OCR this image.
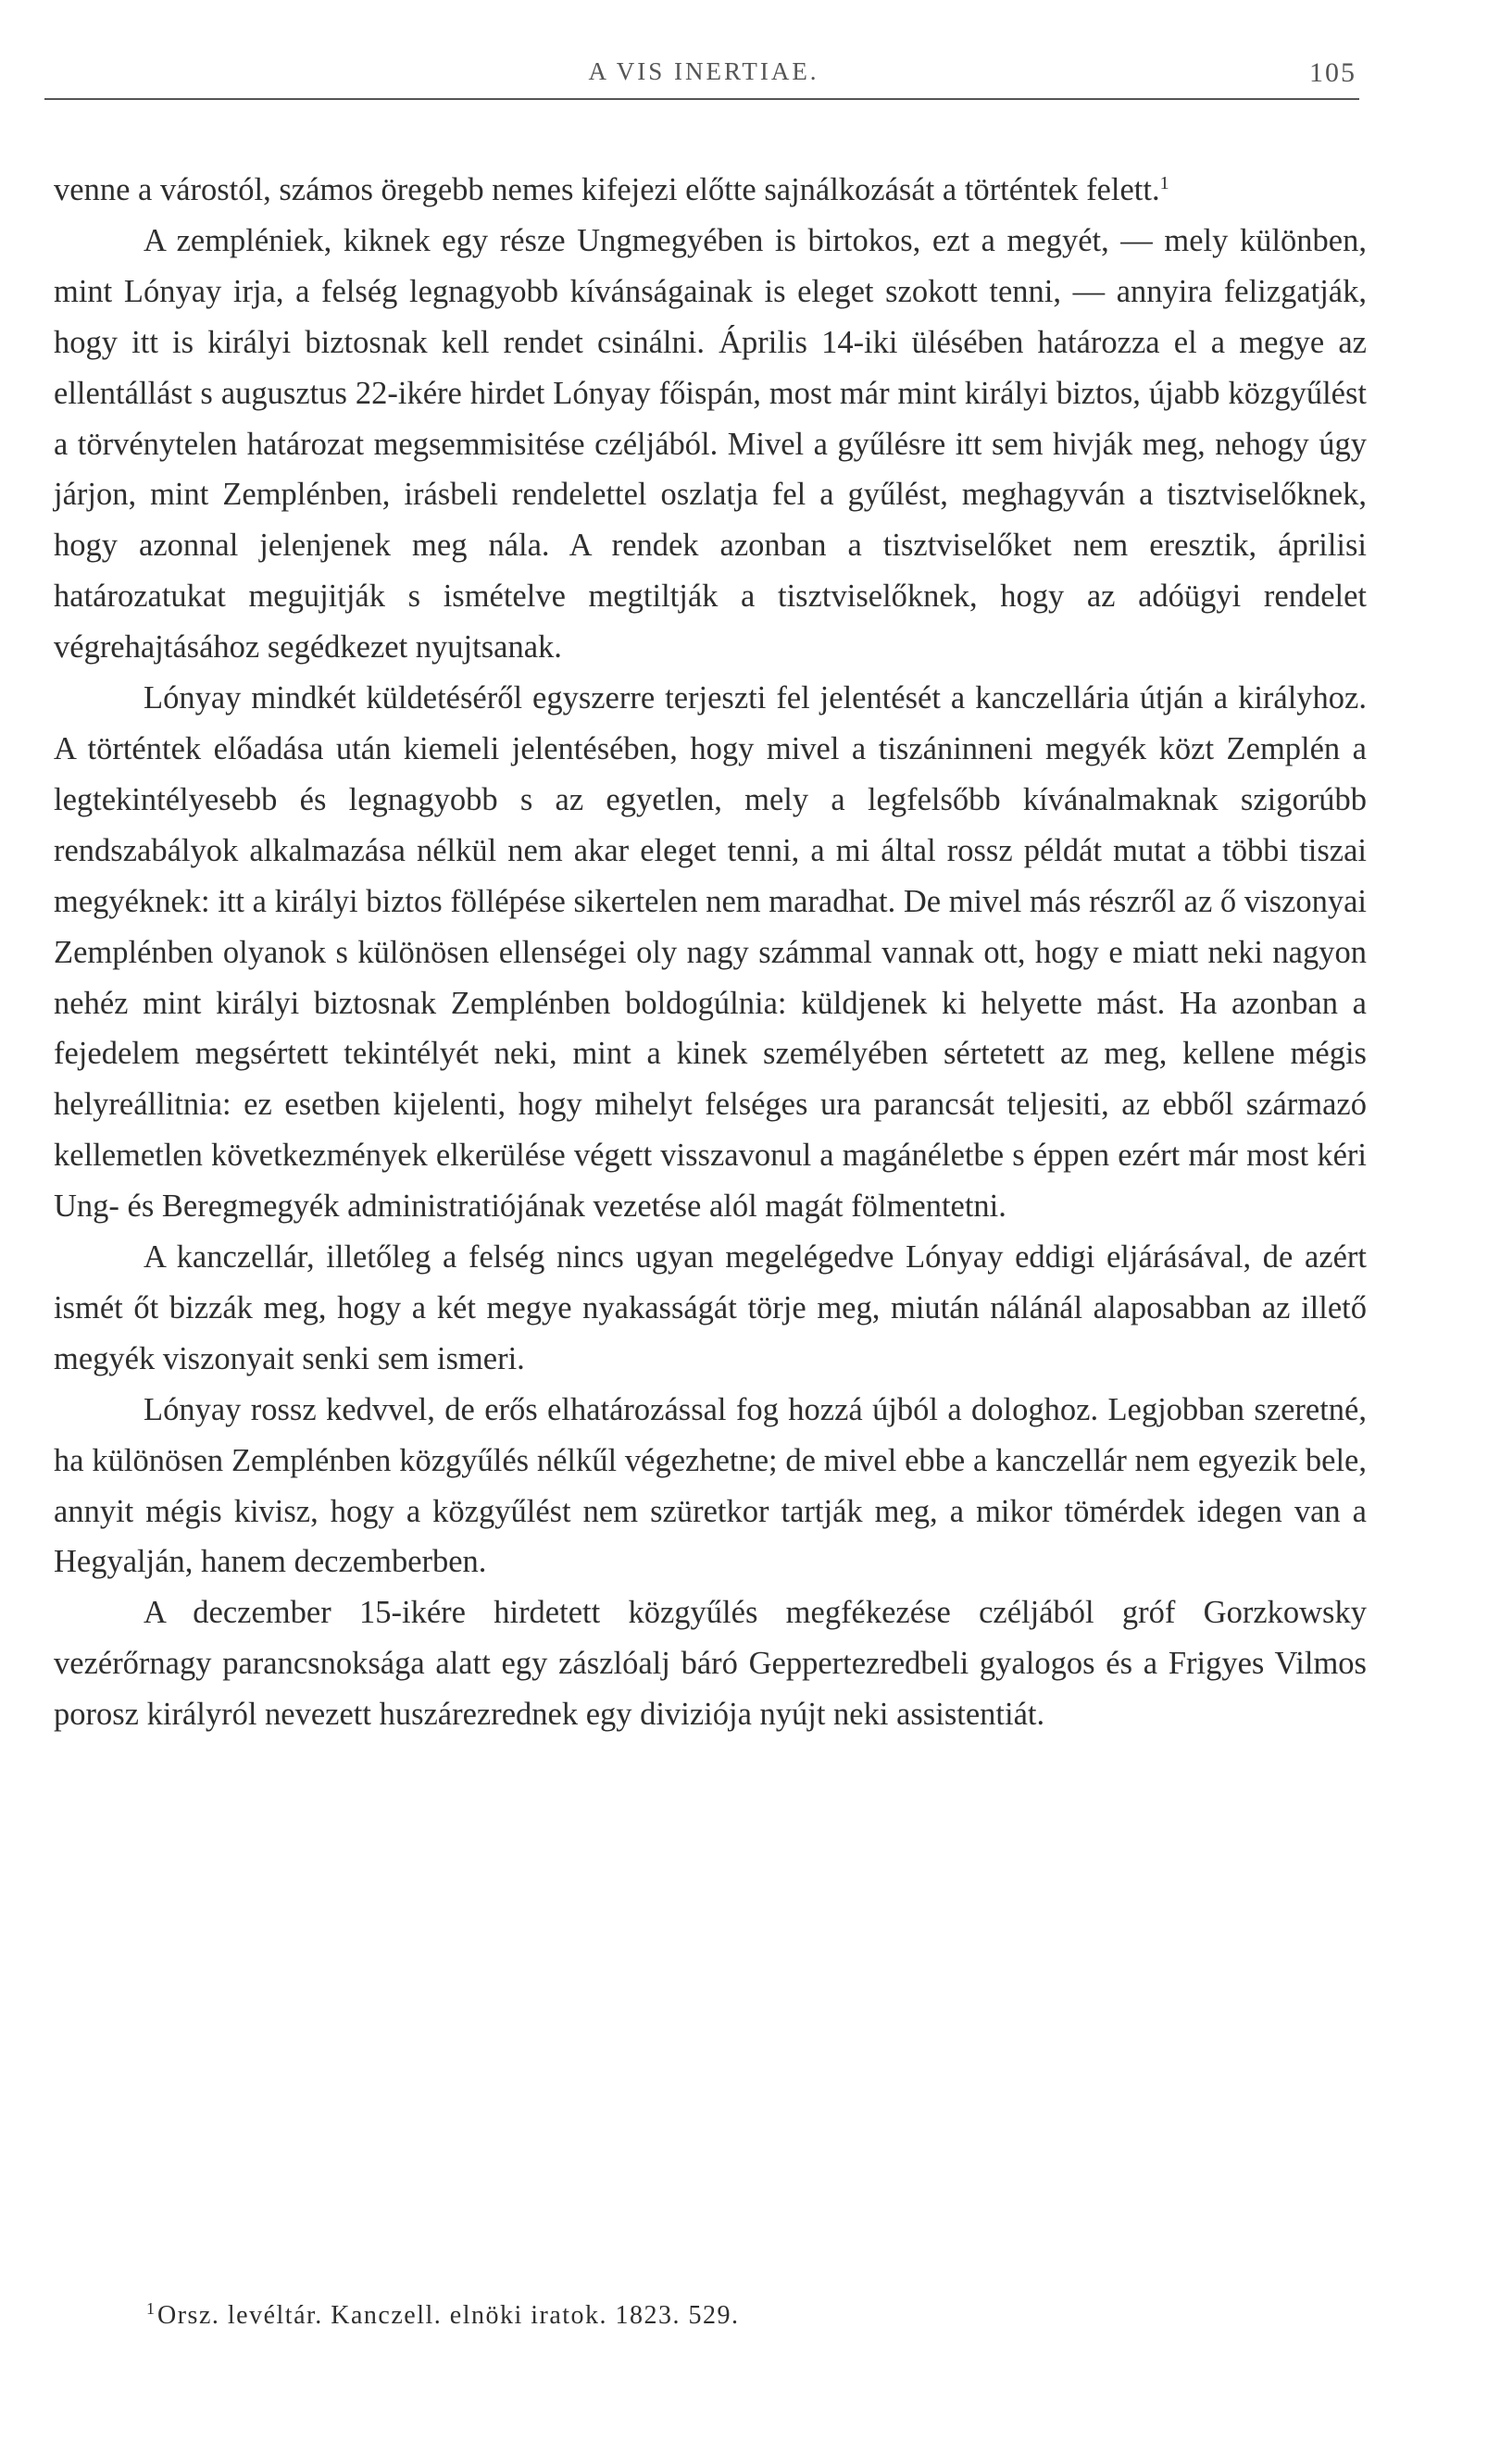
A VIS INERTIAE.	105

venne a várostól, számos öregebb nemes kifejezi előtte sajnálkozását a történtek felett.$^1$

A zempléniek, kiknek egy része Ungmegyében is birtokos, ezt a megyét, — mely különben, mint Lónyay irja, a felség legnagyobb kívánságainak is eleget szokott tenni, — annyira felizgatják, hogy itt is királyi biztosnak kell rendet csinálni. Április 14-iki ülésében határozza el a megye az ellentállást s augusztus 22-ikére hirdet Lónyay főispán, most már mint királyi biztos, újabb közgyűlést a törvénytelen határozat megsemmisitése czéljából. Mivel a gyűlésre itt sem hivják meg, nehogy úgy járjon, mint Zemplénben, irásbeli rendelettel oszlatja fel a gyűlést, meghagyván a tisztviselőknek, hogy azonnal jelenjenek meg nála. A rendek azonban a tisztviselőket nem eresztik, áprilisi határozatukat megujitják s ismételve megtiltják a tisztviselőknek, hogy az adóügyi rendelet végrehajtásához segédkezet nyujtsanak.

Lónyay mindkét küldetéséről egyszerre terjeszti fel jelentését a kanczellária útján a királyhoz. A történtek előadása után kiemeli jelentésében, hogy mivel a tiszáninneni megyék közt Zemplén a legtekintélyesebb és legnagyobb s az egyetlen, mely a legfelsőbb kívánalmaknak szigorúbb rendszabályok alkalmazása nélkül nem akar eleget tenni, a mi által rossz példát mutat a többi tiszai megyéknek: itt a királyi biztos föllépése sikertelen nem maradhat. De mivel más részről az ő viszonyai Zemplénben olyanok s különösen ellenségei oly nagy számmal vannak ott, hogy e miatt neki nagyon nehéz mint királyi biztosnak Zemplénben boldogúlnia: küldjenek ki helyette mást. Ha azonban a fejedelem megsértett tekintélyét neki, mint a kinek személyében sértetett az meg, kellene mégis helyreállitnia: ez esetben kijelenti, hogy mihelyt felséges ura parancsát teljesiti, az ebből származó kellemetlen következmények elkerülése végett visszavonul a magánéletbe s éppen ezért már most kéri Ung- és Beregmegyék administratiójának vezetése alól magát fölmentetni.

A kanczellár, illetőleg a felség nincs ugyan megelégedve Lónyay eddigi eljárásával, de azért ismét őt bizzák meg, hogy a két megye nyakasságát törje meg, miután nálánál alaposabban az illető megyék viszonyait senki sem ismeri.

Lónyay rossz kedvvel, de erős elhatározással fog hozzá újból a dologhoz. Legjobban szeretné, ha különösen Zemplénben közgyűlés nélkűl végezhetne; de mivel ebbe a kanczellár nem egyezik bele, annyit mégis kivisz, hogy a közgyűlést nem szüretkor tartják meg, a mikor tömérdek idegen van a Hegyalján, hanem deczemberben.

A deczember 15-ikére hirdetett közgyűlés megfékezése czéljából gróf Gorzkowsky vezérőrnagy parancsnoksága alatt egy zászlóalj báró Geppertezredbeli gyalogos és a Frigyes Vilmos porosz királyról nevezett huszárezrednek egy diviziója nyújt neki assistentiát.

1 Orsz. levéltár. Kanczell. elnöki iratok. 1823. 529.
